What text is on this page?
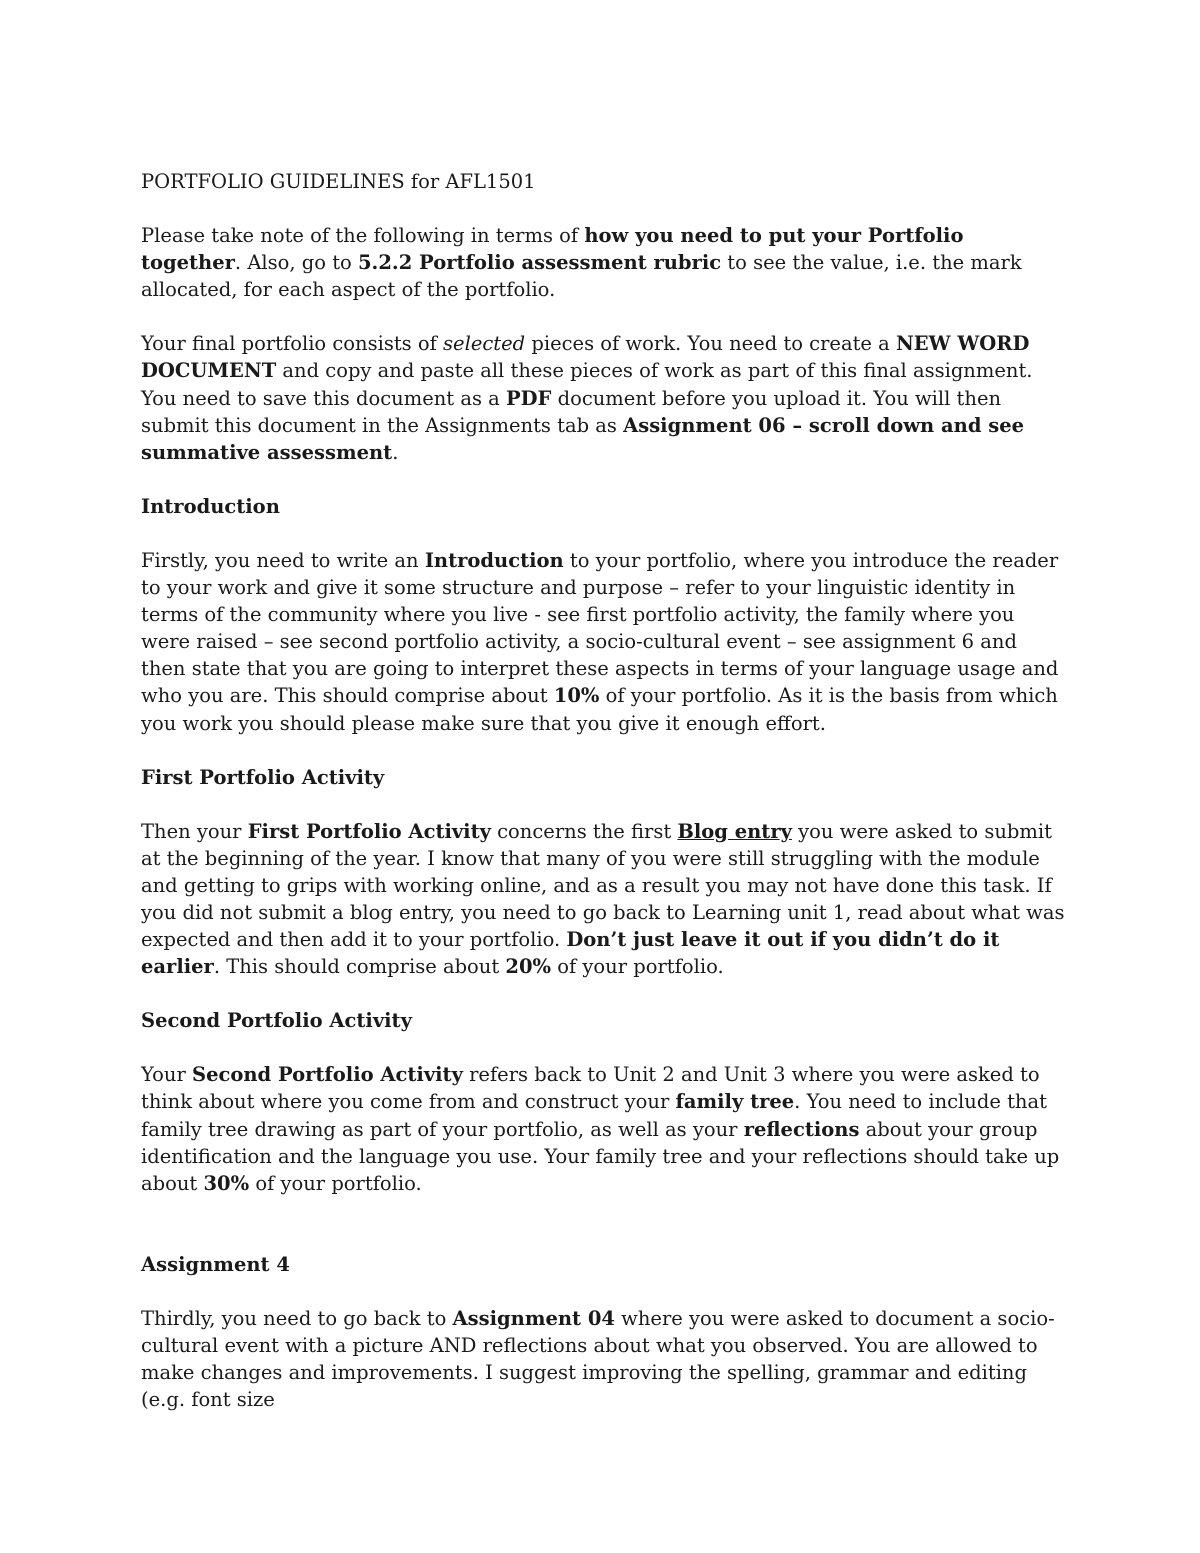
PORTFOLIO GUIDELINES for AFL1501

Please take note of the following in terms of how you need to put your Portfolio together. Also, go to 5.2.2 Portfolio assessment rubric to see the value, i.e. the mark allocated, for each aspect of the portfolio.

Your final portfolio consists of selected pieces of work. You need to create a NEW WORD DOCUMENT and copy and paste all these pieces of work as part of this final assignment. You need to save this document as a PDF document before you upload it. You will then submit this document in the Assignments tab as Assignment 06 – scroll down and see summative assessment.

Introduction

Firstly, you need to write an Introduction to your portfolio, where you introduce the reader to your work and give it some structure and purpose – refer to your linguistic identity in terms of the community where you live - see first portfolio activity, the family where you were raised – see second portfolio activity, a socio-cultural event – see assignment 6 and then state that you are going to interpret these aspects in terms of your language usage and who you are. This should comprise about 10% of your portfolio. As it is the basis from which you work you should please make sure that you give it enough effort.

First Portfolio Activity

Then your First Portfolio Activity concerns the first Blog entry you were asked to submit at the beginning of the year. I know that many of you were still struggling with the module and getting to grips with working online, and as a result you may not have done this task. If you did not submit a blog entry, you need to go back to Learning unit 1, read about what was expected and then add it to your portfolio. Don’t just leave it out if you didn’t do it earlier. This should comprise about 20% of your portfolio.

Second Portfolio Activity

Your Second Portfolio Activity refers back to Unit 2 and Unit 3 where you were asked to think about where you come from and construct your family tree. You need to include that family tree drawing as part of your portfolio, as well as your reflections about your group identification and the language you use. Your family tree and your reflections should take up about 30% of your portfolio.

Assignment 4

Thirdly, you need to go back to Assignment 04 where you were asked to document a socio-cultural event with a picture AND reflections about what you observed. You are allowed to make changes and improvements. I suggest improving the spelling, grammar and editing (e.g. font size
